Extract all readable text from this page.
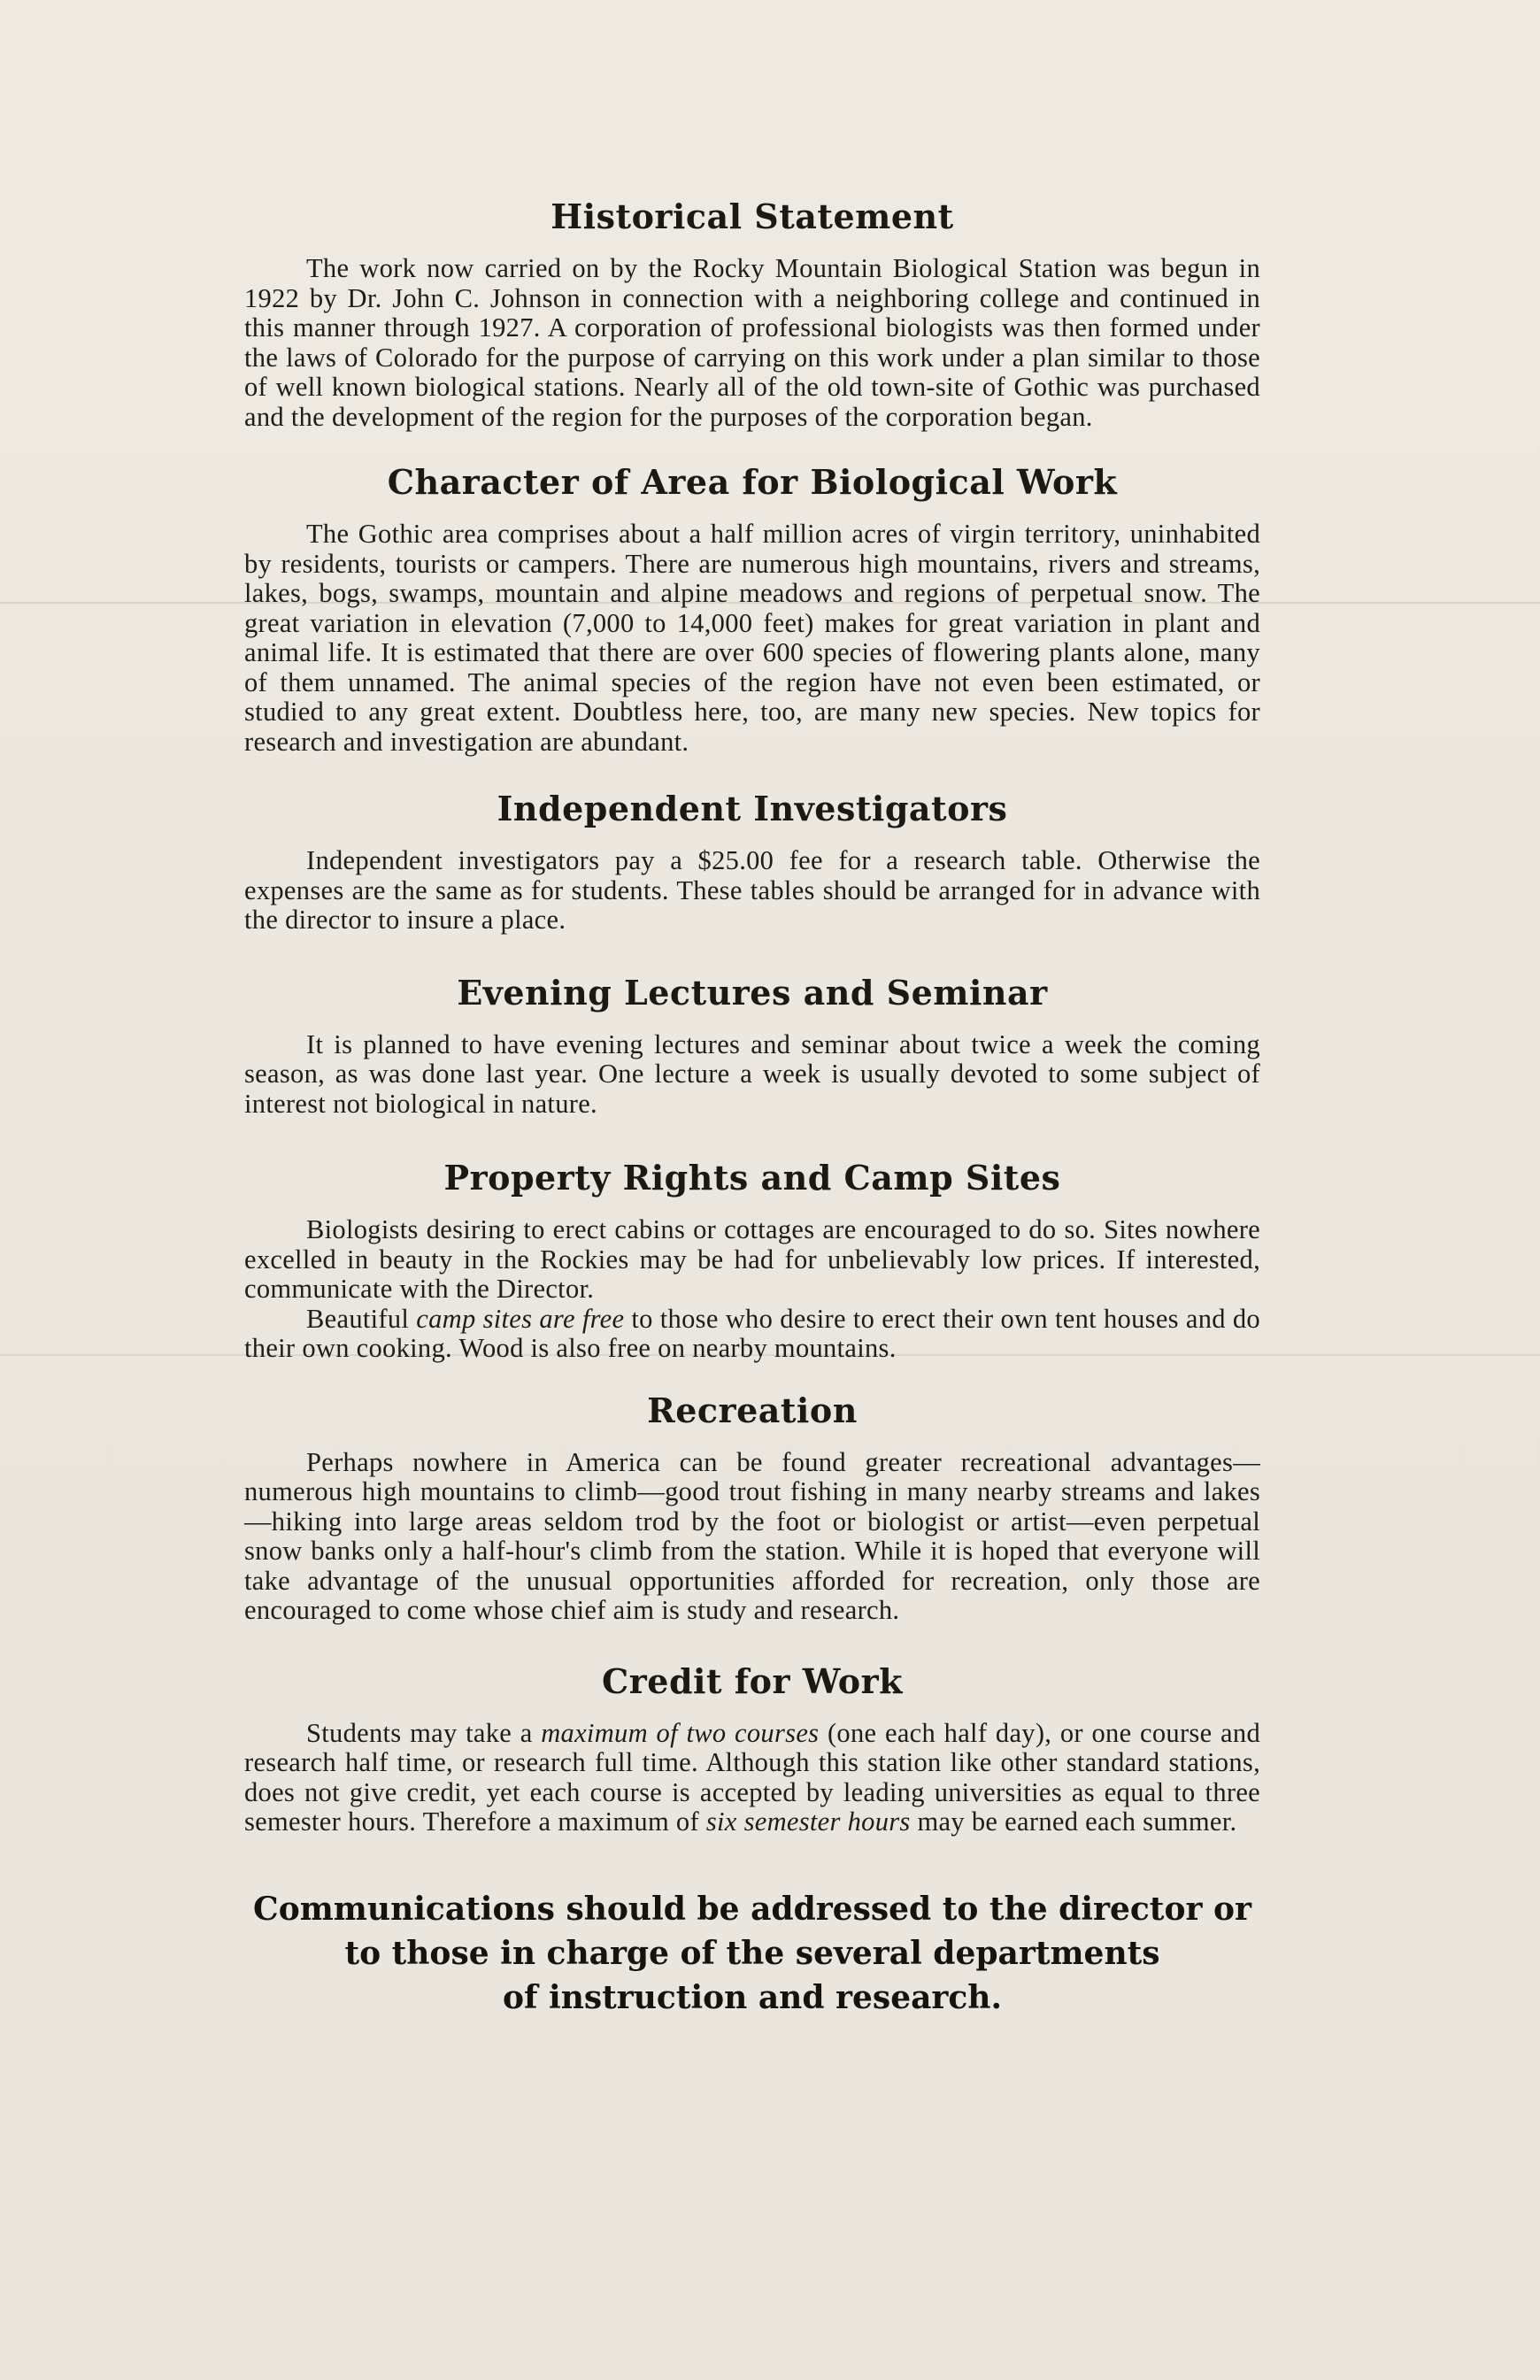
Historical Statement

The work now carried on by the Rocky Mountain Biological Station was begun in 1922 by Dr. John C. Johnson in connection with a neighboring college and continued in this manner through 1927. A corporation of professional biologists was then formed under the laws of Colorado for the purpose of carrying on this work under a plan similar to those of well known biological stations. Nearly all of the old town-site of Gothic was purchased and the development of the region for the purposes of the corporation began.

Character of Area for Biological Work

The Gothic area comprises about a half million acres of virgin territory, uninhabited by residents, tourists or campers. There are numerous high mountains, rivers and streams, lakes, bogs, swamps, mountain and alpine meadows and regions of perpetual snow. The great variation in elevation (7,000 to 14,000 feet) makes for great variation in plant and animal life. It is estimated that there are over 600 species of flowering plants alone, many of them unnamed. The animal species of the region have not even been estimated, or studied to any great extent. Doubtless here, too, are many new species. New topics for research and investigation are abundant.

Independent Investigators

Independent investigators pay a $25.00 fee for a research table. Otherwise the expenses are the same as for students. These tables should be arranged for in advance with the director to insure a place.

Evening Lectures and Seminar

It is planned to have evening lectures and seminar about twice a week the coming season, as was done last year. One lecture a week is usually devoted to some subject of interest not biological in nature.

Property Rights and Camp Sites

Biologists desiring to erect cabins or cottages are encouraged to do so. Sites nowhere excelled in beauty in the Rockies may be had for unbelievably low prices. If interested, communicate with the Director.

Beautiful camp sites are free to those who desire to erect their own tent houses and do their own cooking. Wood is also free on nearby mountains.

Recreation

Perhaps nowhere in America can be found greater recreational advantages—numerous high mountains to climb—good trout fishing in many nearby streams and lakes—hiking into large areas seldom trod by the foot or biologist or artist—even perpetual snow banks only a half-hour's climb from the station. While it is hoped that everyone will take advantage of the unusual opportunities afforded for recreation, only those are encouraged to come whose chief aim is study and research.

Credit for Work

Students may take a maximum of two courses (one each half day), or one course and research half time, or research full time. Although this station like other standard stations, does not give credit, yet each course is accepted by leading universities as equal to three semester hours. Therefore a maximum of six semester hours may be earned each summer.

Communications should be addressed to the director or
to those in charge of the several departments
of instruction and research.
